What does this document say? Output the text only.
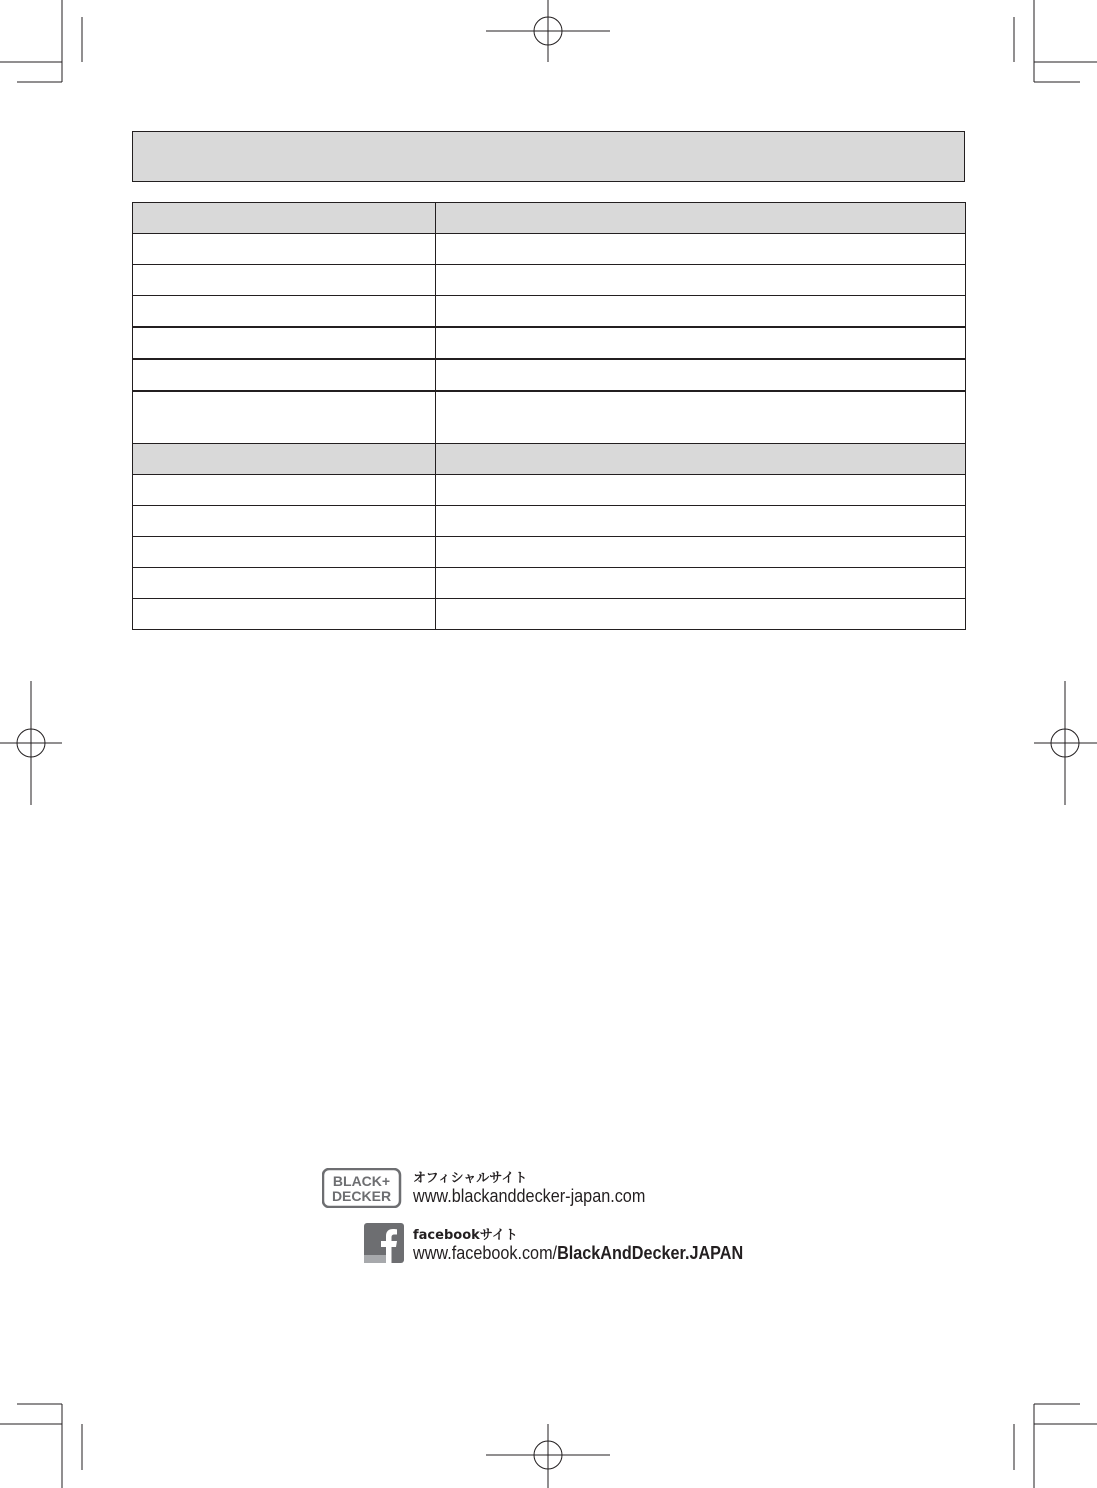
BLACK+
DECKER
オフィシャルサイト
www.blackanddecker-japan.com
facebookサイト
www.facebook.com/BlackAndDecker.JAPAN
